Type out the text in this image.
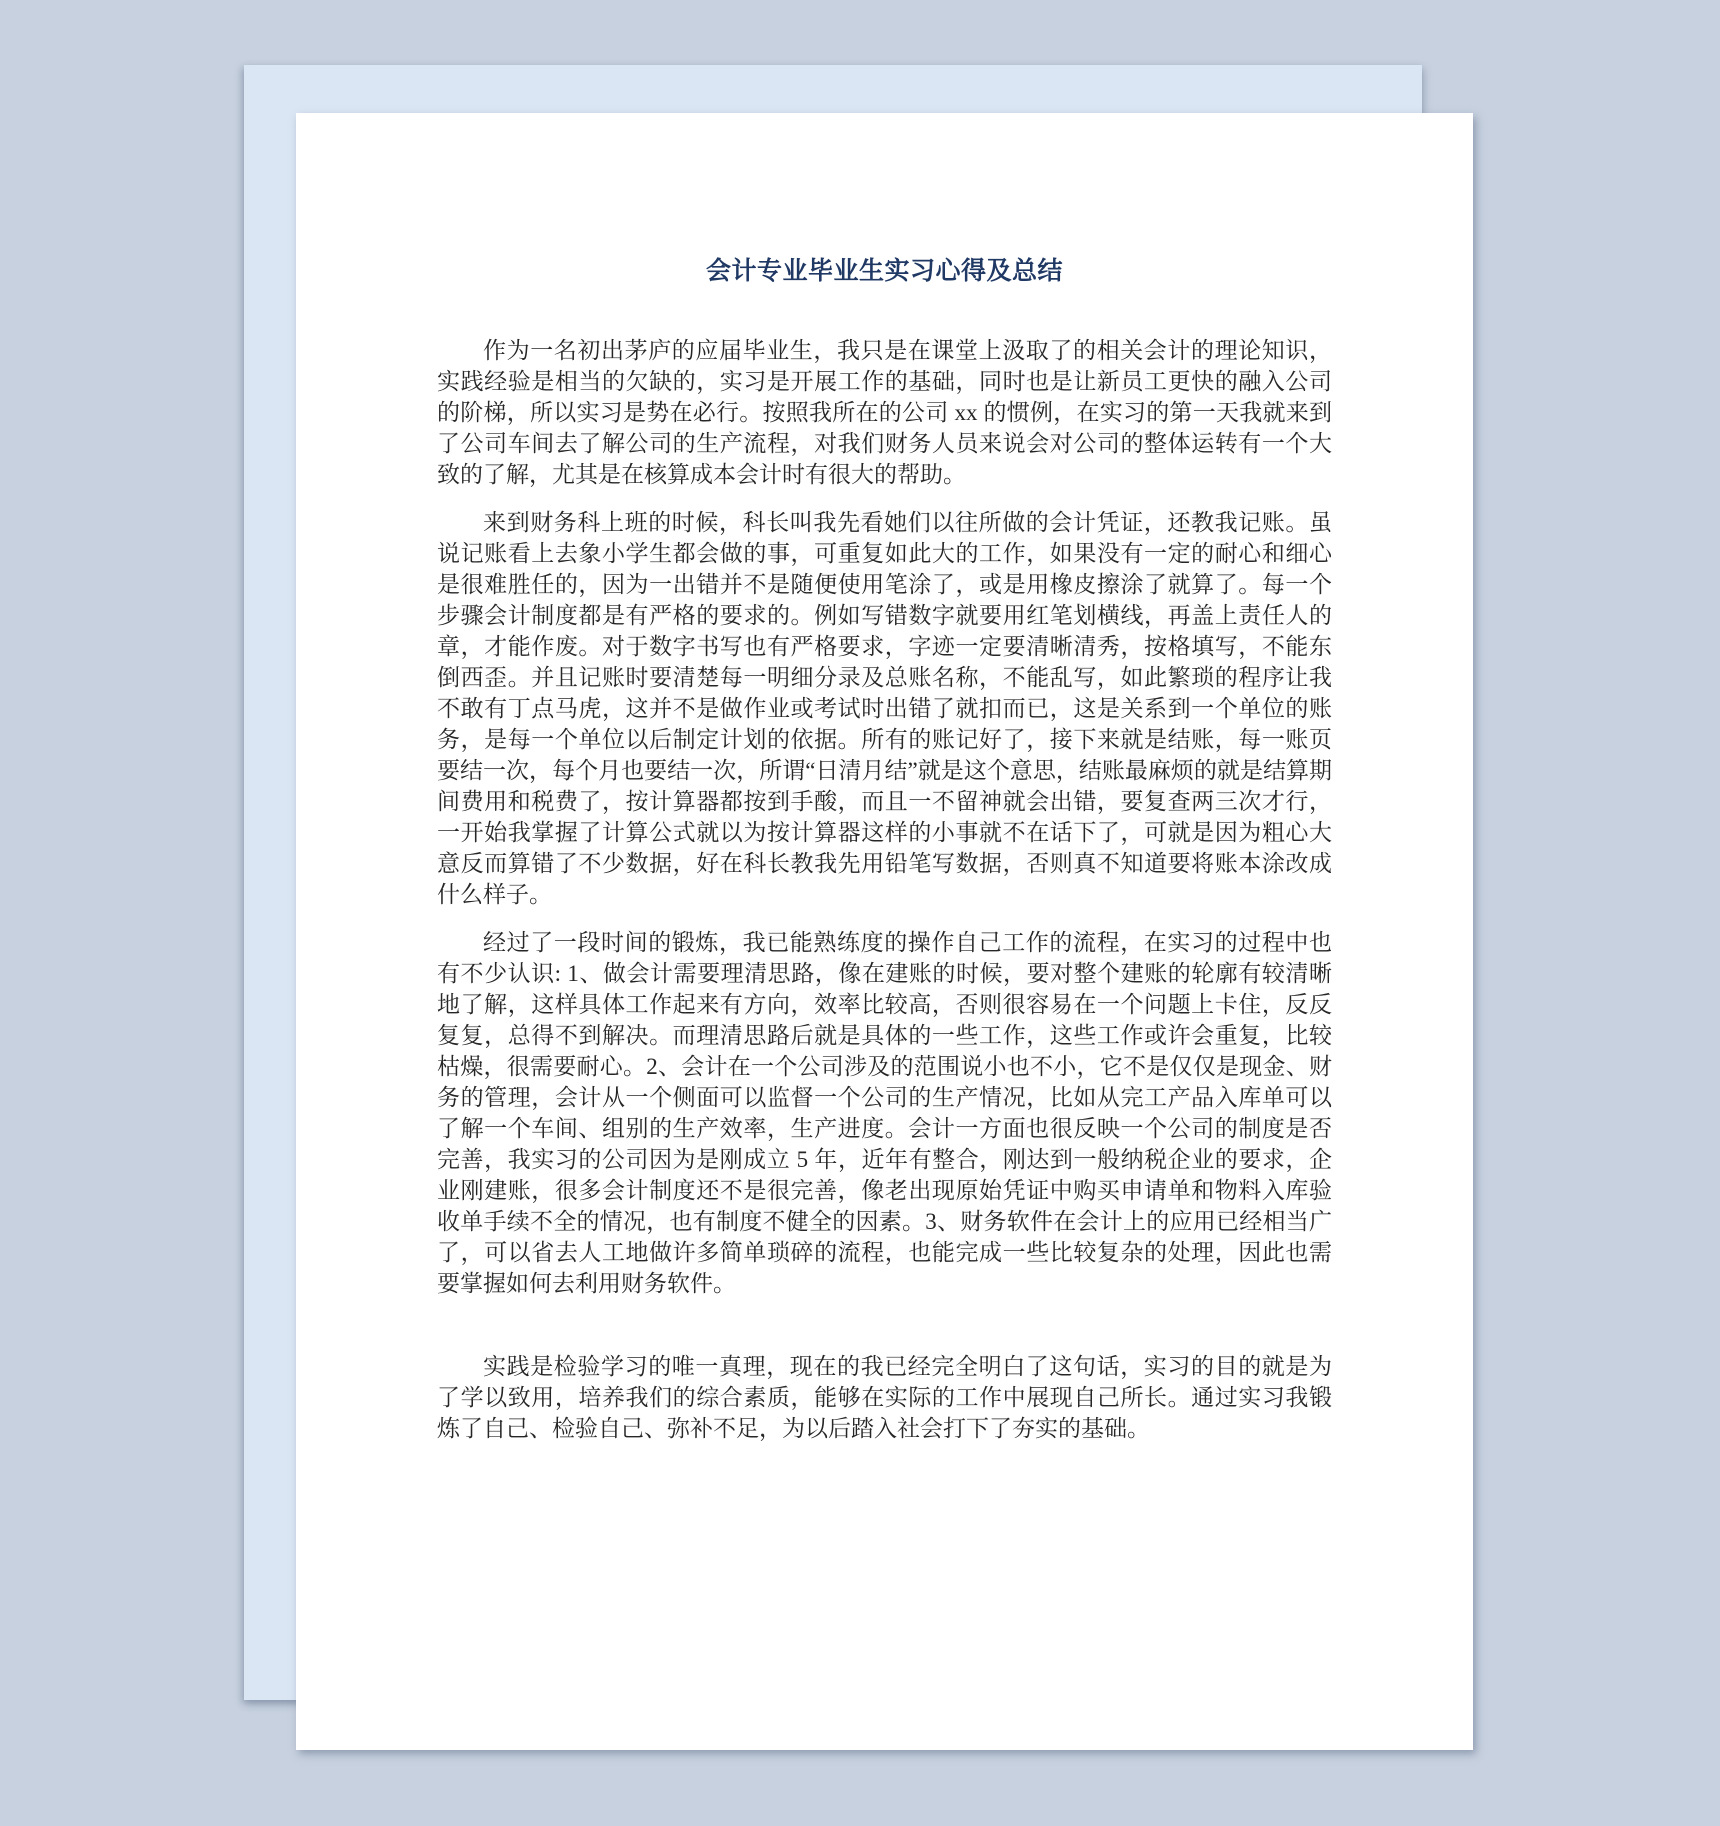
会计专业毕业生实习心得及总结

作为一名初出茅庐的应届毕业生，我只是在课堂上汲取了的相关会计的理论知识，实践经验是相当的欠缺的，实习是开展工作的基础，同时也是让新员工更快的融入公司的阶梯，所以实习是势在必行。按照我所在的公司 xx 的惯例，在实习的第一天我就来到了公司车间去了解公司的生产流程，对我们财务人员来说会对公司的整体运转有一个大致的了解，尤其是在核算成本会计时有很大的帮助。

来到财务科上班的时候，科长叫我先看她们以往所做的会计凭证，还教我记账。虽说记账看上去象小学生都会做的事，可重复如此大的工作，如果没有一定的耐心和细心是很难胜任的，因为一出错并不是随便使用笔涂了，或是用橡皮擦涂了就算了。每一个步骤会计制度都是有严格的要求的。例如写错数字就要用红笔划横线，再盖上责任人的章，才能作废。对于数字书写也有严格要求，字迹一定要清晰清秀，按格填写，不能东倒西歪。并且记账时要清楚每一明细分录及总账名称，不能乱写，如此繁琐的程序让我不敢有丁点马虎，这并不是做作业或考试时出错了就扣而已，这是关系到一个单位的账务，是每一个单位以后制定计划的依据。所有的账记好了，接下来就是结账，每一账页要结一次，每个月也要结一次，所谓“日清月结”就是这个意思，结账最麻烦的就是结算期间费用和税费了，按计算器都按到手酸，而且一不留神就会出错，要复查两三次才行，一开始我掌握了计算公式就以为按计算器这样的小事就不在话下了，可就是因为粗心大意反而算错了不少数据，好在科长教我先用铅笔写数据，否则真不知道要将账本涂改成什么样子。

经过了一段时间的锻炼，我已能熟练度的操作自己工作的流程，在实习的过程中也有不少认识: 1、做会计需要理清思路，像在建账的时候，要对整个建账的轮廓有较清晰地了解，这样具体工作起来有方向，效率比较高，否则很容易在一个问题上卡住，反反复复，总得不到解决。而理清思路后就是具体的一些工作，这些工作或许会重复，比较枯燥，很需要耐心。2、会计在一个公司涉及的范围说小也不小，它不是仅仅是现金、财务的管理，会计从一个侧面可以监督一个公司的生产情况，比如从完工产品入库单可以了解一个车间、组别的生产效率，生产进度。会计一方面也很反映一个公司的制度是否完善，我实习的公司因为是刚成立 5 年，近年有整合，刚达到一般纳税企业的要求，企业刚建账，很多会计制度还不是很完善，像老出现原始凭证中购买申请单和物料入库验收单手续不全的情况，也有制度不健全的因素。3、财务软件在会计上的应用已经相当广了，可以省去人工地做许多简单琐碎的流程，也能完成一些比较复杂的处理，因此也需要掌握如何去利用财务软件。

实践是检验学习的唯一真理，现在的我已经完全明白了这句话，实习的目的就是为了学以致用，培养我们的综合素质，能够在实际的工作中展现自己所长。通过实习我锻炼了自己、检验自己、弥补不足，为以后踏入社会打下了夯实的基础。
